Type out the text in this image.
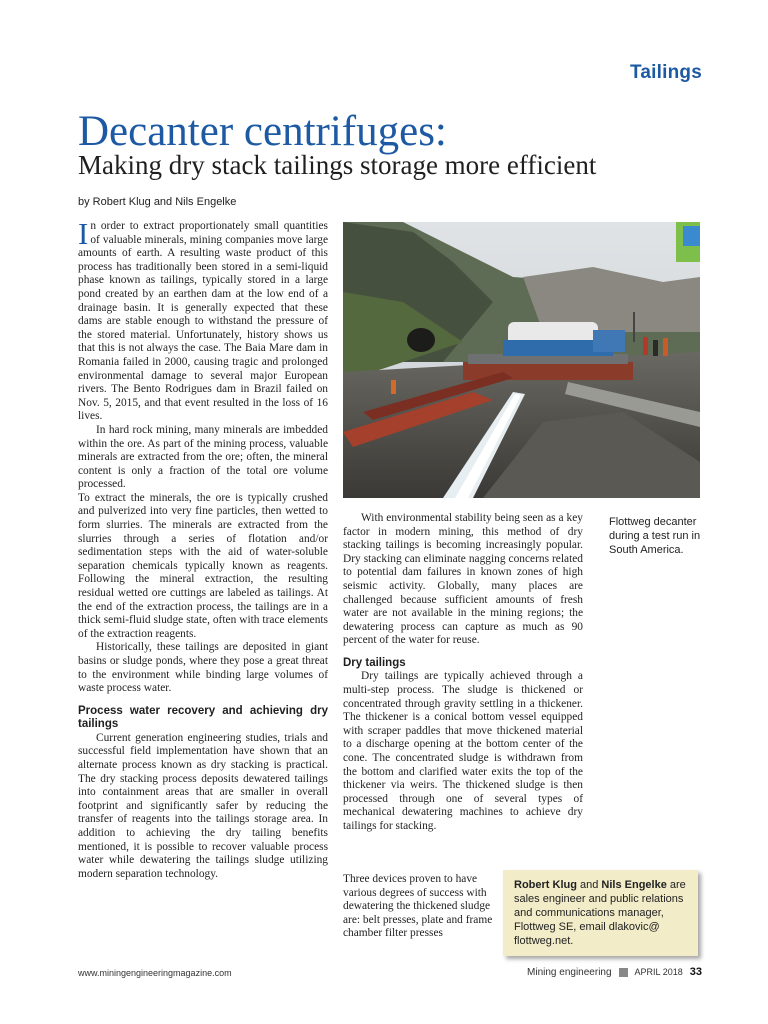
Tailings
Decanter centrifuges:
Making dry stack tailings storage more efficient
by Robert Klug and Nils Engelke

In order to extract proportionately small quantities of valuable minerals, mining companies move large amounts of earth. A resulting waste product of this process has traditionally been stored in a semi-liquid phase known as tailings, typically stored in a large pond created by an earthen dam at the low end of a drainage basin. It is generally expected that these dams are stable enough to withstand the pressure of the stored material. Unfortunately, history shows us that this is not always the case. The Baia Mare dam in Romania failed in 2000, causing tragic and prolonged environmental damage to several major European rivers. The Bento Rodrigues dam in Brazil failed on Nov. 5, 2015, and that event resulted in the loss of 16 lives.

In hard rock mining, many minerals are imbedded within the ore. As part of the mining process, valuable minerals are extracted from the ore; often, the mineral content is only a fraction of the total ore volume processed.

To extract the minerals, the ore is typically crushed and pulverized into very fine particles, then wetted to form slurries. The minerals are extracted from the slurries through a series of flotation and/or sedimentation steps with the aid of water-soluble separation chemicals typically known as reagents. Following the mineral extraction, the resulting residual wetted ore cuttings are labeled as tailings. At the end of the extraction process, the tailings are in a thick semi-fluid sludge state, often with trace elements of the extraction reagents.

Historically, these tailings are deposited in giant basins or sludge ponds, where they pose a great threat to the environment while binding large volumes of waste process water.

Process water recovery and achieving dry tailings

Current generation engineering studies, trials and successful field implementation have shown that an alternate process known as dry stacking is practical. The dry stacking process deposits dewatered tailings into containment areas that are smaller in overall footprint and significantly safer by reducing the transfer of reagents into the tailings storage area. In addition to achieving the dry tailing benefits mentioned, it is possible to recover valuable process water while dewatering the tailings sludge utilizing modern separation technology.

Flottweg decanter during a test run in South America.

With environmental stability being seen as a key factor in modern mining, this method of dry stacking tailings is becoming increasingly popular. Dry stacking can eliminate nagging concerns related to potential dam failures in known zones of high seismic activity. Globally, many places are challenged because sufficient amounts of fresh water are not available in the mining regions; the dewatering process can capture as much as 90 percent of the water for reuse.

Dry tailings

Dry tailings are typically achieved through a multi-step process. The sludge is thickened or concentrated through gravity settling in a thickener. The thickener is a conical bottom vessel equipped with scraper paddles that move thickened material to a discharge opening at the bottom center of the cone. The concentrated sludge is withdrawn from the bottom and clarified water exits the top of the thickener via weirs. The thickened sludge is then processed through one of several types of mechanical dewatering machines to achieve dry tailings for stacking.

Three devices proven to have various degrees of success with dewatering the thickened sludge are: belt presses, plate and frame chamber filter presses

Robert Klug and Nils Engelke are sales engineer and public relations and communications manager, Flottweg SE, email dlakovic@ flottweg.net.
www.miningengineeringmagazine.com	Mining engineering	APRIL 2018 33
